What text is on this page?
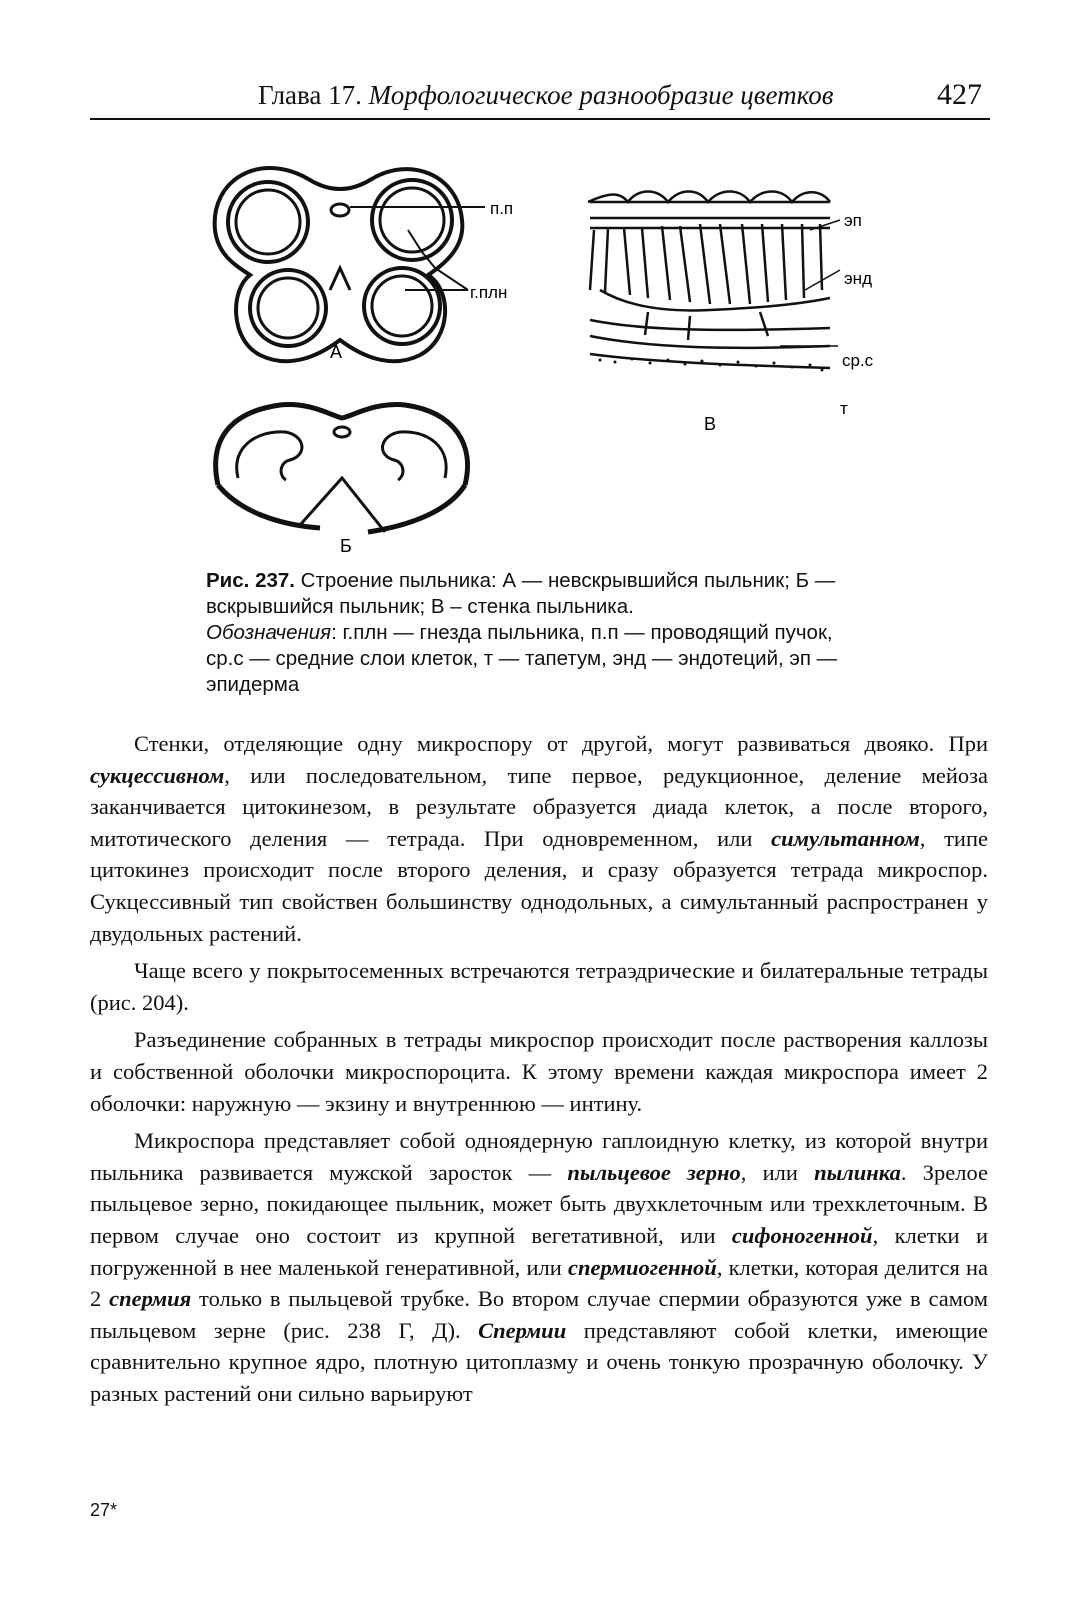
Глава 17. Морфологическое разнообразие цветков	427
п.п
г.плн
А
Б
эп
энд
ср.с
т
В
Рис. 237. Строение пыльника: А — невскрывшийся пыльник; Б — вскрывшийся пыльник; В – стенка пыльника.
Обозначения: г.плн — гнезда пыльника, п.п — проводящий пучок, ср.с — средние слои клеток, т — тапетум, энд — эндотеций, эп — эпидерма

Стенки, отделяющие одну микроспору от другой, могут развиваться двояко. При сукцессивном, или последовательном, типе первое, редукционное, деление мейоза заканчивается цитокинезом, в результате образуется диада клеток, а после второго, митотического деления — тетрада. При одновременном, или симультанном, типе цитокинез происходит после второго деления, и сразу образуется тетрада микроспор. Сукцессивный тип свойствен большинству однодольных, а симультанный распространен у двудольных растений.

Чаще всего у покрытосеменных встречаются тетраэдрические и билатеральные тетрады (рис. 204).

Разъединение собранных в тетрады микроспор происходит после растворения каллозы и собственной оболочки микроспороцита. К этому времени каждая микроспора имеет 2 оболочки: наружную — экзину и внутреннюю — интину.

Микроспора представляет собой одноядерную гаплоидную клетку, из которой внутри пыльника развивается мужской заросток — пыльцевое зерно, или пылинка. Зрелое пыльцевое зерно, покидающее пыльник, может быть двухклеточным или трехклеточным. В первом случае оно состоит из крупной вегетативной, или сифоногенной, клетки и погруженной в нее маленькой генеративной, или спермиогенной, клетки, которая делится на 2 спермия только в пыльцевой трубке. Во втором случае спермии образуются уже в самом пыльцевом зерне (рис. 238 Г, Д). Спермии представляют собой клетки, имеющие сравнительно крупное ядро, плотную цитоплазму и очень тонкую прозрачную оболочку. У разных растений они сильно варьируют

27*
